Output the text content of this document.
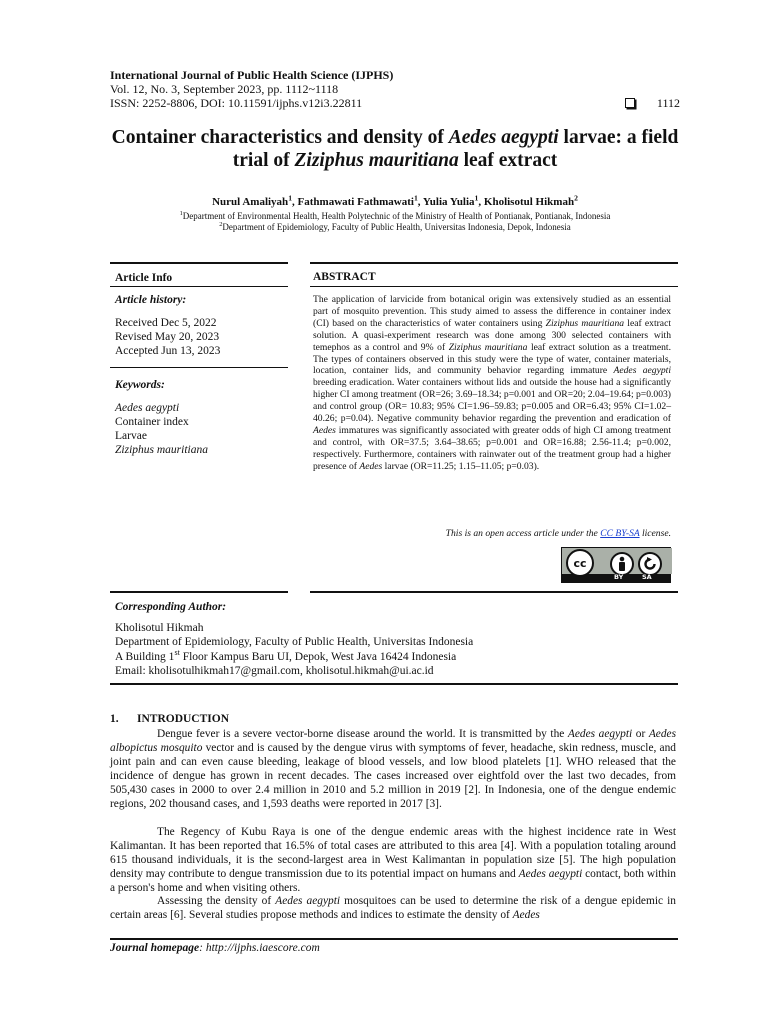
International Journal of Public Health Science (IJPHS)
Vol. 12, No. 3, September 2023, pp. 1112~1118
ISSN: 2252-8806, DOI: 10.11591/ijphs.v12i3.22811	1112
Container characteristics and density of Aedes aegypti larvae: a field trial of Ziziphus mauritiana leaf extract
Nurul Amaliyah$^1$, Fathmawati Fathmawati$^1$, Yulia Yulia$^1$, Kholisotul Hikmah$^2$
$^1$Department of Environmental Health, Health Polytechnic of the Ministry of Health of Pontianak, Pontianak, Indonesia
$^2$Department of Epidemiology, Faculty of Public Health, Universitas Indonesia, Depok, Indonesia
Article Info	ABSTRACT
Article history:
Received Dec 5, 2022
Revised May 20, 2023
Accepted Jun 13, 2023
Keywords:
Aedes aegypti
Container index
Larvae
Ziziphus mauritiana
The application of larvicide from botanical origin was extensively studied as an essential part of mosquito prevention. This study aimed to assess the difference in container index (CI) based on the characteristics of water containers using Ziziphus mauritiana leaf extract solution. A quasi-experiment research was done among 300 selected containers with temephos as a control and 9% of Ziziphus mauritiana leaf extract solution as a treatment. The types of containers observed in this study were the type of water, container materials, location, container lids, and community behavior regarding immature Aedes aegypti breeding eradication. Water containers without lids and outside the house had a significantly higher CI among treatment (OR=26; 3.69‒18.34; p=0.001 and OR=20; 2.04‒19.64; p=0.003) and control group (OR= 10.83; 95% CI=1.96‒59.83; p=0.005 and OR=6.43; 95% CI=1.02‒40.26; p=0.04). Negative community behavior regarding the prevention and eradication of Aedes immatures was significantly associated with greater odds of high CI among treatment and control, with OR=37.5; 3.64‒38.65; p=0.001 and OR=16.88; 2.56-11.4; p=0.002, respectively. Furthermore, containers with rainwater out of the treatment group had a higher presence of Aedes larvae (OR=11.25; 1.15‒11.05; p=0.03).
This is an open access article under the CC BY-SA license.
cc
BY	SA
Corresponding Author:
Kholisotul Hikmah
Department of Epidemiology, Faculty of Public Health, Universitas Indonesia
A Building 1st Floor Kampus Baru UI, Depok, West Java 16424 Indonesia
Email: kholisotulhikmah17@gmail.com, kholisotul.hikmah@ui.ac.id
1. INTRODUCTION

Dengue fever is a severe vector-borne disease around the world. It is transmitted by the Aedes aegypti or Aedes albopictus mosquito vector and is caused by the dengue virus with symptoms of fever, headache, skin redness, muscle, and joint pain and can even cause bleeding, leakage of blood vessels, and low blood platelets [1]. WHO released that the incidence of dengue has grown in recent decades. The cases increased over eightfold over the last two decades, from 505,430 cases in 2000 to over 2.4 million in 2010 and 5.2 million in 2019 [2]. In Indonesia, one of the dengue endemic regions, 202 thousand cases, and 1,593 deaths were reported in 2017 [3].

The Regency of Kubu Raya is one of the dengue endemic areas with the highest incidence rate in West Kalimantan. It has been reported that 16.5% of total cases are attributed to this area [4]. With a population totaling around 615 thousand individuals, it is the second-largest area in West Kalimantan in population size [5]. The high population density may contribute to dengue transmission due to its potential impact on humans and Aedes aegypti contact, both within a person's home and when visiting others.

Assessing the density of Aedes aegypti mosquitoes can be used to determine the risk of a dengue epidemic in certain areas [6]. Several studies propose methods and indices to estimate the density of Aedes

Journal homepage: http://ijphs.iaescore.com
